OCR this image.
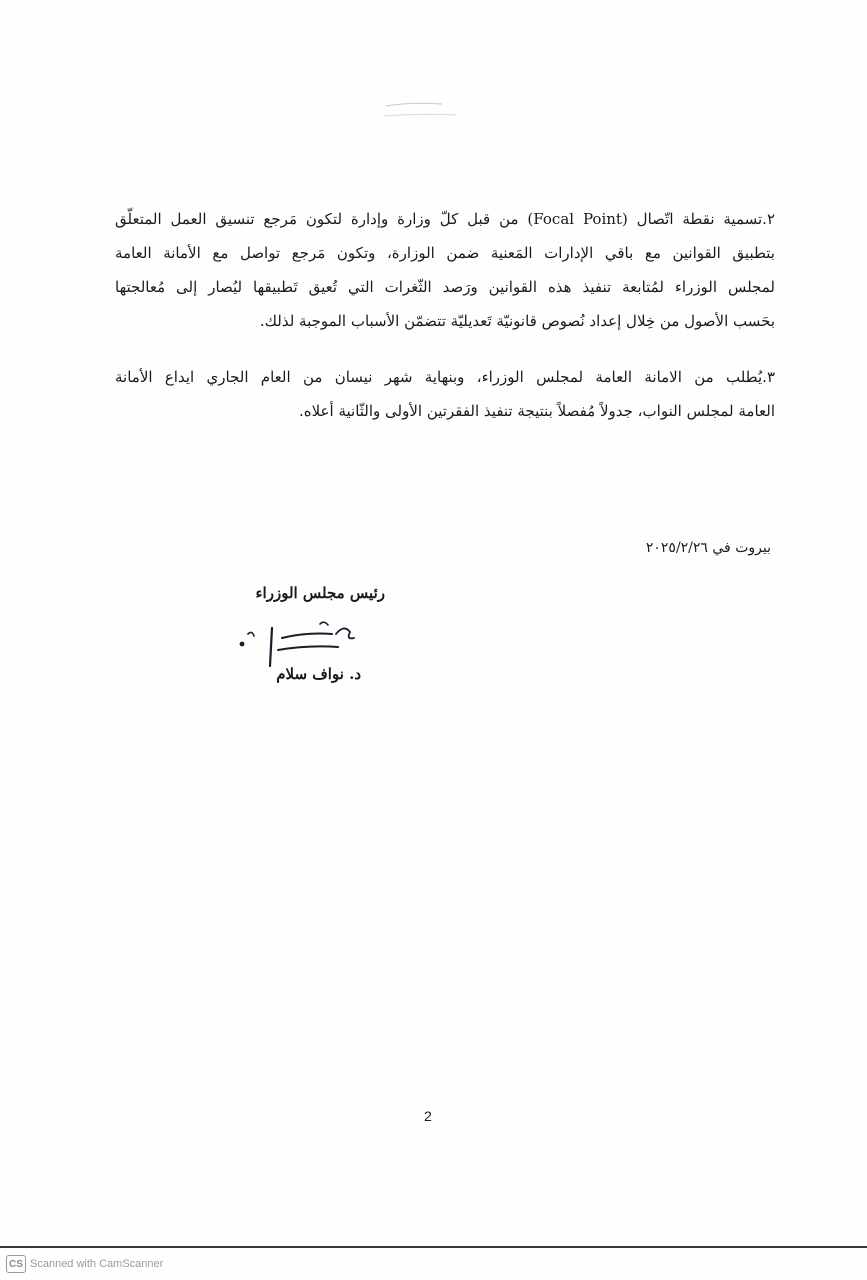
٢.تسمية نقطة اتّصال (Focal Point) من قبل كلّ وزارة وإدارة لتكون مَرجع تنسيق العمل المتعلّق
بتطبيق القوانين مع باقي الإدارات المَعنية ضمن الوزارة، وتكون مَرجع تواصل مع الأمانة العامة
لمجلس الوزراء لمُتابعة تنفيذ هذه القوانين ورَصد الثّغرات التي تُعيق تَطبيقها ليُصار إلى مُعالجتها
بحَسب الأصول من خِلال إعداد نُصوص قانونيّة تَعديليّة تتضمّن الأسباب الموجبة لذلك.
٣.يُطلب من الامانة العامة لمجلس الوزراء، وبنهاية شهر نيسان من العام الجاري ايداع الأمانة
العامة لمجلس النواب، جدولاً مُفصلاً بنتيجة تنفيذ الفقرتين الأولى والثّانية أعلاه.

بيروت في ٢٠٢٥/٢/٢٦

رئيس مجلس الوزراء

د. نواف سلام

2

CS Scanned with CamScanner
